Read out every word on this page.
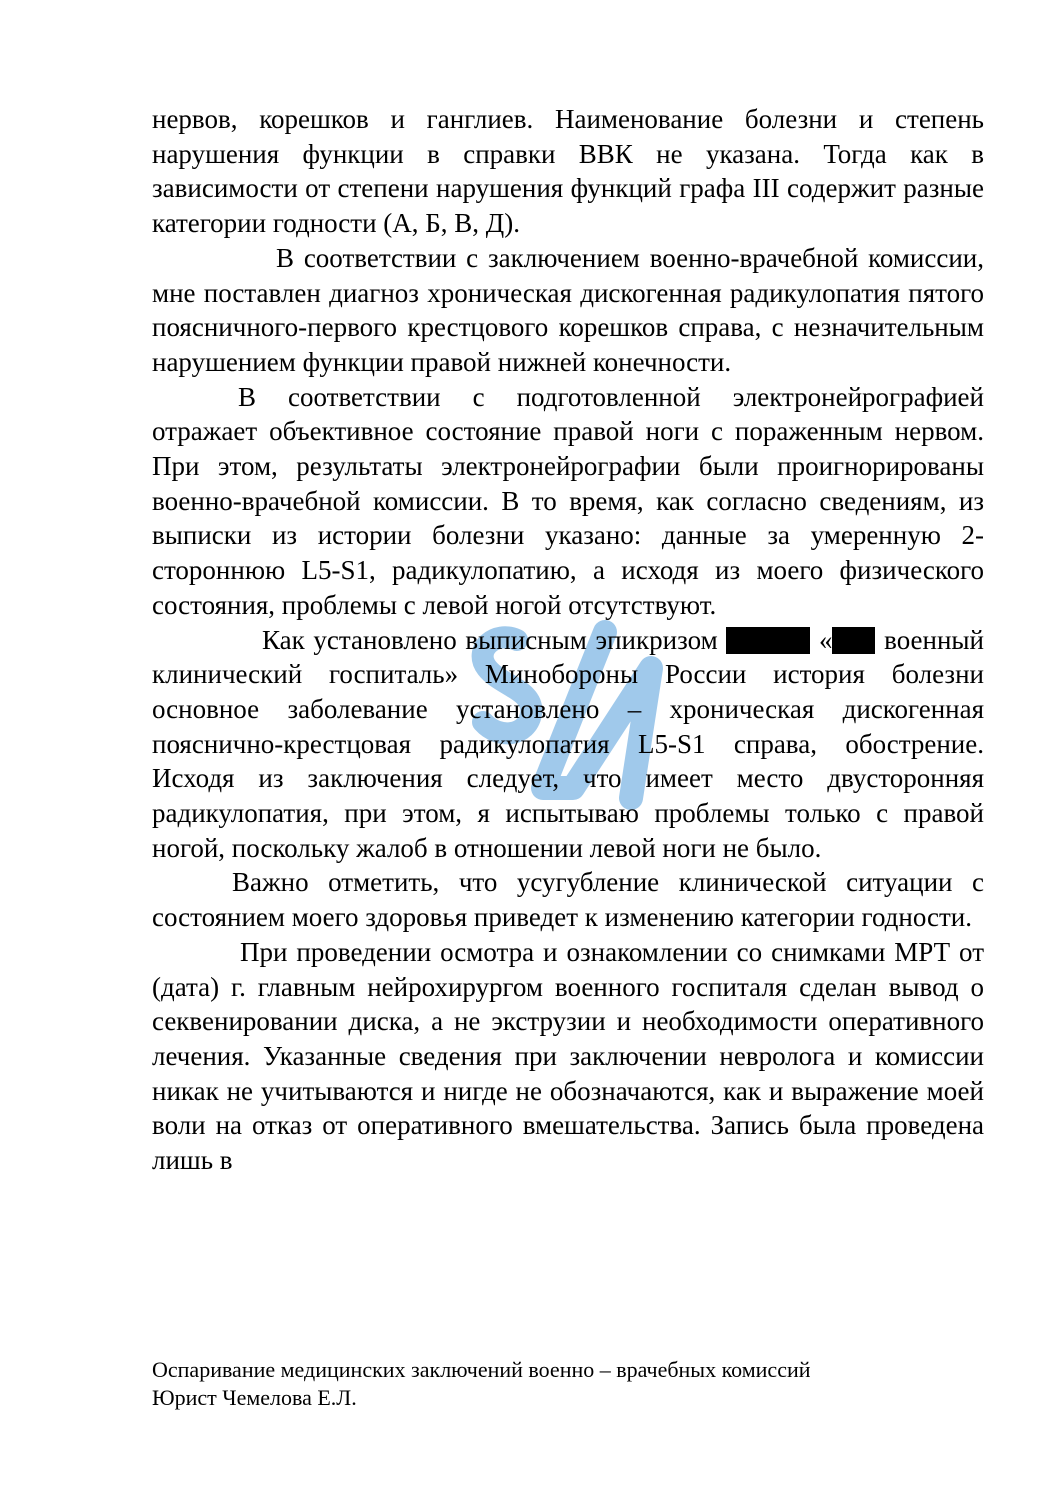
нервов, корешков и ганглиев. Наименование болезни и степень нарушения функции в справки ВВК не указана. Тогда как в зависимости от степени нарушения функций графа III содержит разные категории годности (А, Б, В, Д).

В соответствии с заключением военно-врачебной комиссии, мне поставлен диагноз хроническая дискогенная радикулопатия пятого поясничного-первого крестцового корешков справа, с незначительным нарушением функции правой нижней конечности.

В соответствии с подготовленной электронейрографией отражает объективное состояние правой ноги с пораженным нервом. При этом, результаты электронейрографии были проигнорированы военно-врачебной комиссии. В то время, как согласно сведениям, из выписки из истории болезни указано: данные за умеренную 2-стороннюю L5-S1, радикулопатию, а исходя из моего физического состояния, проблемы с левой ногой отсутствуют.

Как установлено выписным эпикризом	« военный клинический госпиталь» Минобороны России история болезни основное заболевание установлено – хроническая дискогенная пояснично-крестцовая радикулопатия L5-S1 справа, обострение. Исходя из заключения следует, что имеет место двусторонняя радикулопатия, при этом, я испытываю проблемы только с правой ногой, поскольку жалоб в отношении левой ноги не было.

Важно отметить, что усугубление клинической ситуации с состоянием моего здоровья приведет к изменению категории годности.

При проведении осмотра и ознакомлении со снимками МРТ от (дата) г. главным нейрохирургом военного госпиталя сделан вывод о секвенировании диска, а не экструзии и необходимости оперативного лечения. Указанные сведения при заключении невролога и комиссии никак не учитываются и нигде не обозначаются, как и выражение моей воли на отказ от оперативного вмешательства. Запись была проведена лишь в

Оспаривание медицинских заключений военно – врачебных комиссий
Юрист Чемелова Е.Л.
